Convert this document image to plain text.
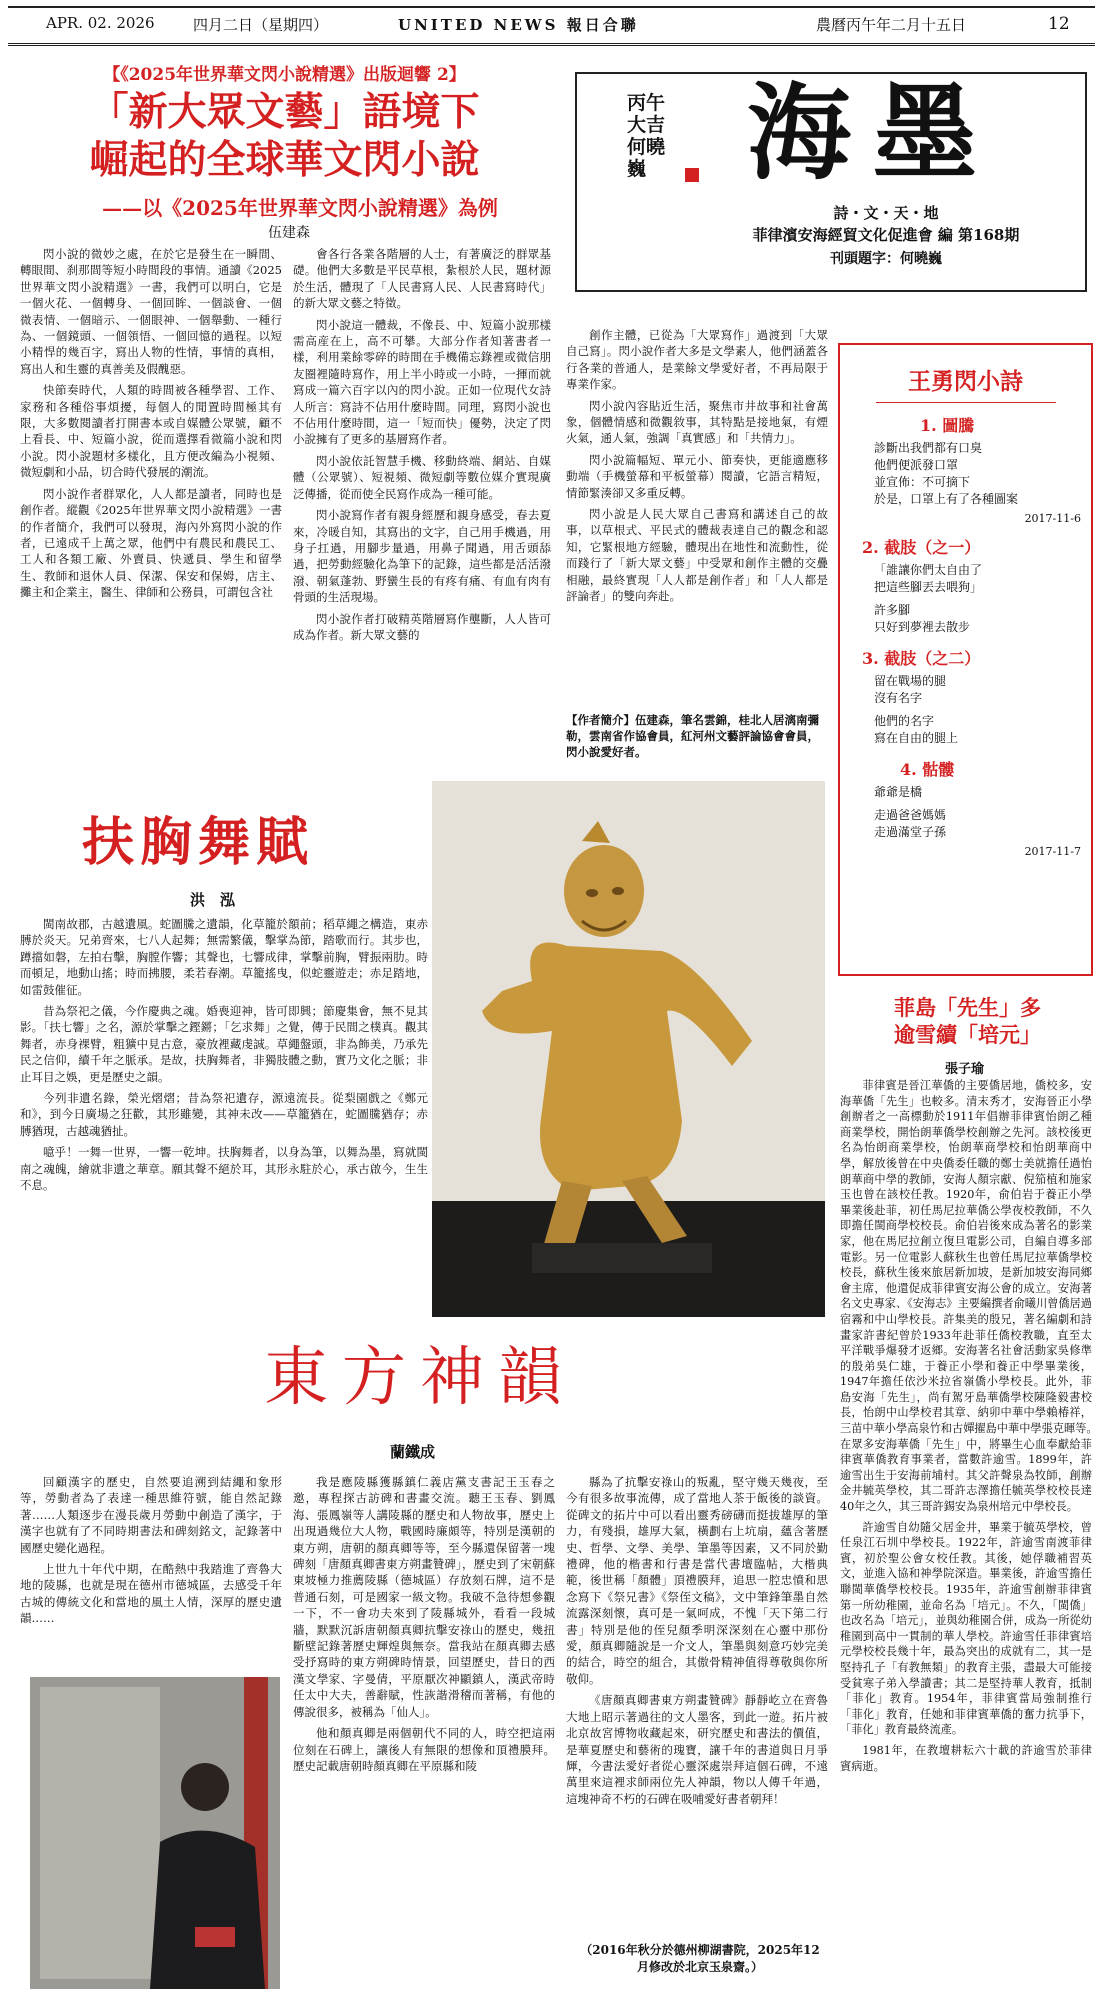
APR. 02. 2026	四月二日（星期四）	UNITED NEWS 報日合聯	農曆丙午年二月十五日	12
【《2025年世界華文閃小說精選》出版迴響 2】
「新大眾文藝」語境下
崛起的全球華文閃小說
——以《2025年世界華文閃小說精選》為例
伍建森

閃小說的微妙之處，在於它是發生在一瞬間、轉眼間、刹那間等短小時間段的事情。通讀《2025世界華文閃小說精選》一書，我們可以明白，它是一個火花、一個轉身、一個回眸、一個談會、一個微表情、一個暗示、一個眼神、一個舉動、一種行為、一個鏡頭、一個領悟、一個回憶的過程。以短小精悍的幾百字，寫出人物的性情，事情的真相，寫出人和生靈的真善美及假醜惡。

快節奏時代，人類的時間被各種學習、工作、家務和各種俗事煩擾，每個人的閒置時間極其有限，大多數閱讀者打開書本或自媒體公眾號，顧不上看長、中、短篇小說，從而選擇看微篇小說和閃小說。閃小說題材多樣化，且方便改編為小視頻、微短劇和小品，切合時代發展的潮流。

閃小說作者群眾化，人人都是讀者，同時也是創作者。縱觀《2025年世界華文閃小說精選》一書的作者簡介，我們可以發現，海內外寫閃小說的作者，已遠成千上萬之眾，他們中有農民和農民工、工人和各類工廠、外賣員、快遞員、學生和留學生、教師和退休人員、保潔、保安和保姆，店主、攤主和企業主，醫生、律師和公務員，可謂包含社

會各行各業各階層的人士，有著廣泛的群眾基礎。他們大多數是平民草根，紮根於人民，題材源於生活，體現了「人民書寫人民、人民書寫時代」的新大眾文藝之特徵。

閃小說這一體裁，不像長、中、短篇小說那樣需高産在上，高不可攀。大部分作者知著書者一樣，利用業餘零碎的時間在手機備忘錄裡或微信朋友圈裡隨時寫作，用上半小時或一小時，一揮而就寫成一篇六百字以內的閃小說。正如一位現代女詩人所言：寫詩不佔用什麼時間。同理，寫閃小說也不佔用什麼時間，這一「短而快」優勢，決定了閃小說擁有了更多的基層寫作者。

閃小說依託智慧手機、移動終端、網站、自媒體（公眾號）、短視頻、微短劇等數位媒介實現廣泛傳播，從而使全民寫作成為一種可能。

閃小說寫作者有親身經歷和親身感受，春去夏來，冷暖自知，其寫出的文字，自己用手機過，用身子扛過，用腳步量過，用鼻子聞過，用舌頭舔過，把勞動經驗化為筆下的記錄，這些都是活活潑潑、朝氣蓬勃、野蠻生長的有疼有痛、有血有肉有骨頭的生活現場。

閃小說作者打破精英階層寫作壟斷，人人皆可成為作者。新大眾文藝的

創作主體，已從為「大眾寫作」過渡到「大眾自己寫」。閃小說作者大多是文學素人，他們涵蓋各行各業的普通人，是業餘文學愛好者，不再局限于專業作家。

閃小說內容貼近生活，聚焦市井故事和社會萬象，個體情感和微觀敘事，其特點是接地氣，有煙火氣，通人氣，強調「真實感」和「共情力」。

閃小說篇幅短、單元小、節奏快，更能適應移動端（手機螢幕和平板螢幕）閱讀，它語言精短，情節緊湊卻又多重反轉。

閃小說是人民大眾自己書寫和講述自己的故事，以草根式、平民式的體裁表達自己的觀念和認知，它緊根地方經驗，體現出在地性和流動性，從而踐行了「新大眾文藝」中受眾和創作主體的交疊相融，最終實現「人人都是創作者」和「人人都是評論者」的雙向奔赴。

【作者簡介】伍建森，筆名雲錦，桂北人居漓南彌勒，雲南省作協會員，紅河州文藝評論協會會員，閃小說愛好者。
丙午大吉 何曉巍 海墨
詩・文・天・地
菲律濱安海經貿文化促進會 編 第168期
刊頭題字：何曉巍
王勇閃小詩
1. 圖騰
診斷出我們都有口臭
他們便派發口罩
並宣佈：不可摘下
於是，口罩上有了各種圖案
2017-11-6
2. 截肢（之一）
「誰讓你們太自由了
把這些腳丟去喂狗」
許多腳
只好到夢裡去散步
3. 截肢（之二）
留在戰場的腿
沒有名字
他們的名字
寫在自由的腿上
4. 骷髏
爺爺是橋
走過爸爸媽媽
走過滿堂子孫
2017-11-7
扶胸舞賦
洪　泓

閩南故郡，古越遺風。蛇圖騰之遺韻，化草籠於額前；稻草繩之構造，東赤膊於炎天。兄弟齊來，七八人起舞；無需繁儀，擊掌為節，踏歌而行。其步也，蹲擋如磐，左拍右擊，胸膛作響；其聲也，七響成律，掌擊前胸，臂振兩肋。時而頓足，地動山搖；時而拂腰，柔若春潮。草籠搖曳，似蛇靈遊走；赤足踏地，如雷鼓催征。

昔為祭祀之儀，今作慶典之魂。婚喪迎神，皆可即興；節慶集會，無不見其影。「扶七響」之名，源於掌擊之鏗鏘；「乞求舞」之覺，傳于民間之樸真。觀其舞者，赤身裸臂，粗獷中見古意，豪放裡藏虔誠。草繩盤頭，非為飾美，乃承先民之信仰，續千年之脈承。是故，扶胸舞者，非獨肢體之動，實乃文化之脈；非止耳目之娛，更是歷史之韻。

今列非遺名錄，榮光熠熠；昔為祭祀遺存，源遠流長。從梨園戲之《鄭元和》，到今日廣場之狂歡，其形雖變，其神未改——草籠猶在，蛇圖騰猶存；赤膊猶現，古越魂猶扯。

噫乎！一舞一世界，一響一乾坤。扶胸舞者，以身為筆，以舞為墨，寫就閩南之魂魄，繪就非遺之華章。願其聲不絕於耳，其形永駐於心，承古啟今，生生不息。

菲島「先生」多
逾雪續「培元」
張子瑜

菲律賓是晉江華僑的主要僑居地，僑校多，安海華僑「先生」也較多。清末秀才，安海晉正小學創辦者之一高標動於1911年倡辦菲律賓怡朗乙種商業學校，開怡朗華僑學校創辦之先河。該校後更名為怡朗商業學校，怡朗華商學校和怡朗華商中學，解放後曾在中央僑委任職的鄭士美就擔任過怡朗華商中學的教師，安海人顏宗獻、倪笳植和施家玉也曾在該校任教。1920年，俞伯岩于養正小學畢業後赴菲，初任馬尼拉華僑公學夜校教師，不久即擔任閩商學校校長。俞伯岩後來成為著名的影業家，他在馬尼拉創立復旦電影公司，自編自導多部電影。另一位電影人蘇秋生也曾任馬尼拉華僑學校校長，蘇秋生後來旅居新加坡，是新加坡安海同鄉會主席，他還促成菲律賓安海公會的成立。安海著名文史專家、《安海志》主要編撰者俞曦川曾僑居過宿霧和中山學校長。許集美的殷兄，著名編劇和詩畫家許書紀曾於1933年赴菲任僑校教職，直至太平洋戰爭爆發才返鄉。安海著名社會活動家吳修準的殷弟吳仁雄，于養正小學和養正中學畢業後，1947年擔任依沙米拉省嶺僑小學校長。此外，菲島安海「先生」，尚有駕牙島華僑學校陳隆毅書校長，怡朗中山學校君其章、納卯中華中學賴椿祥，三苗中華小學高泉竹和古嬋擢島中華中學張克暉等。　在眾多安海華僑「先生」中，將畢生心血奉獻給菲律賓華僑教育事業者，當數許逾雪。1899年，許逾雪出生于安海前埔村。其父許聲泉為牧師，創辦金井毓英學校，其二哥許志澤擔任毓英學校校長達40年之久，其三哥許錫安為泉州培元中學校長。

許逾雪自幼隨父居金井，畢業于毓英學校，曾任泉江石圳中學校長。1922年，許逾雪南渡菲律賓，初於聖公會女校任教。其後，她俘職補習英文，並進入協和神學院深造。畢業後，許逾雪擔任聯閩華僑學校校長。1935年，許逾雪創辦菲律賓第一所幼稚園，並命名為「培元」。不久，「閩僑」也改名為「培元」，並與幼稚園合併，成為一所從幼稚園到高中一貫制的華人學校。許逾雪任菲律賓培元學校校長幾十年，最為突出的成就有二，其一是堅持孔子「有教無類」的教育主張，盡最大可能接受貧寒子弟入學讀書；其二是堅持華人教育，抵制「菲化」教育。1954年，菲律賓當局強制推行「菲化」教育，任她和菲律賓華僑的奮力抗爭下，「菲化」教育最終流產。

1981年，在教壇耕耘六十載的許逾雪於菲律賓病逝。

東方神韻
蘭鐵成

回顧漢字的歷史，自然要追溯到結繩和象形等，勞動者為了表達一種思維符號，能自然記錄著……人類逐步在漫長歲月勞動中創造了漢字，于漢字也就有了不同時期書法和碑刻銘文，記錄著中國歷史變化過程。

上世九十年代中期，在酷熱中我踏進了齊魯大地的陵縣，也就是現在德州市德城區，去感受千年古城的傳統文化和當地的風土人情，深厚的歷史遺韻……

我是應陵縣獲縣鎮仁義店黨支書記王玉春之邀，專程探古訪碑和書畫交流。聽王玉春、劉鳳海、張鳳嶺等人講陵縣的歷史和人物故事，歷史上出現過幾位大人物，戰國時廉頗等，特別是漢朝的東方朔，唐朝的顏真卿等等，至今縣還保留著一塊碑刻「唐顏真卿書東方朔畫贊碑」，歷史到了宋朝蘇東坡極力推薦陵縣（德城區）存放刻石牌，這不是普通石刻，可是國家一級文物。我破不急待想參觀一下，不一會功夫來到了陵縣城外，看看一段城牆，默默沉訴唐朝顏真卿抗擊安祿山的歷史，幾扭斷壁記錄著歷史輝煌與無奈。當我站在顏真卿去感受抒寫時的東方朔碑時情景，回望歷史，昔日的西漢文學家、字曼倩，平原厭次神顯鎮人，漢武帝時任太中大夫，善辭賦，性詼諧滑稽而著稱，有他的傳說很多，被稱為「仙人」。

他和顏真卿是兩個朝代不同的人，時空把這兩位刻在石碑上，讓後人有無限的想像和頂禮膜拜。歷史記載唐朝時顏真卿在平原縣和陵

縣為了抗擊安祿山的叛亂，堅守幾天幾夜，至今有很多故事流傳，成了當地人茶于飯後的談資。從碑文的拓片中可以看出靈秀磅礴而挺拔雄厚的筆力，有殘損，雄厚大氣，橫劃右上坑扇，蘊含著歷史、哲學、文學、美學、筆墨等因素，又不同於勤禮碑，他的楷書和行書是當代書壇臨帖，大楷典範，後世稱「顏體」頂禮膜拜，追思一腔忠憤和思念寫下《祭兄書》《祭侄文稿》，文中筆鋒筆墨自然流露深刻懷，真可是一氣呵成，不愧「天下第二行書」特別是他的侄兒顏季明深深刻在心靈中那份愛，顏真卿隨說是一介文人，筆墨與刻意巧妙完美的結合，時空的組合，其傲骨精神值得尊敬與你所敬仰。

《唐顏真卿書東方朔畫贊碑》靜靜屹立在齊魯大地上昭示著過往的文人墨客，到此一遊。拓片被北京故宮博物收藏起來，研究歷史和書法的價值，是華夏歷史和藝術的瑰寶，讓千年的書道與日月爭輝，今書法愛好者從心靈深處崇拜這個石碑，不遠萬里來這裡求師兩位先人神韻，物以人傳千年過，這塊神奇不朽的石碑在吸哺愛好書者朝拜！

（2016年秋分於德州柳湖書院，2025年12月修改於北京玉泉齋。）
